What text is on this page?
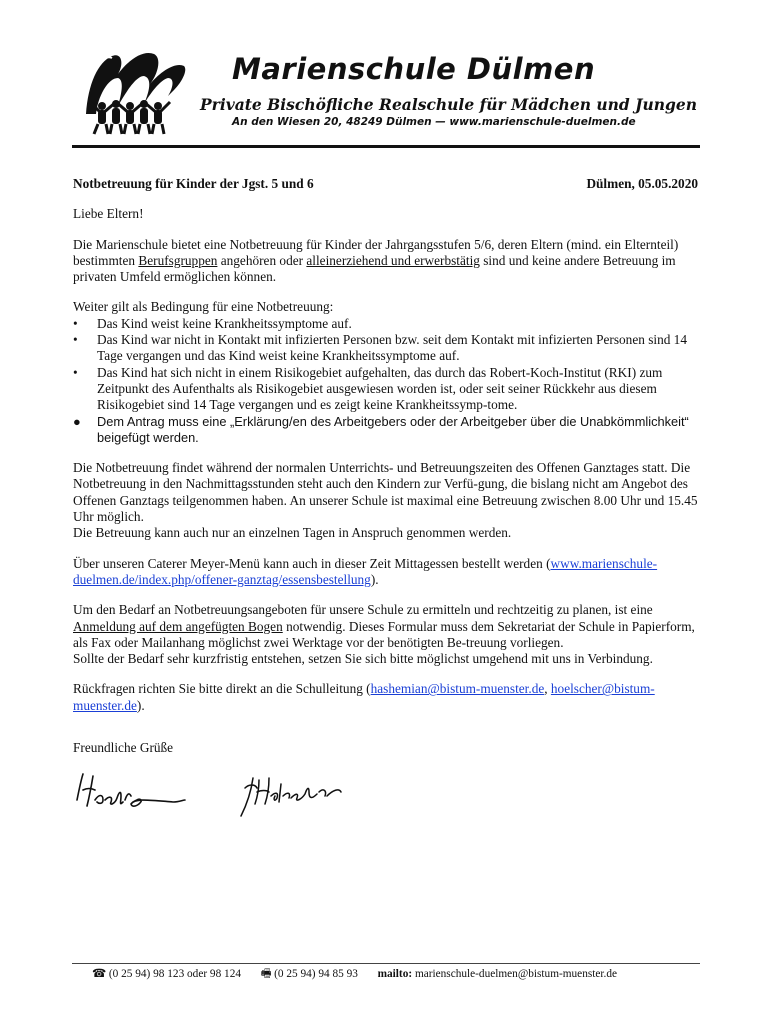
Marienschule Dülmen
Private Bischöfliche Realschule für Mädchen und Jungen
An den Wiesen 20, 48249 Dülmen — www.marienschule-duelmen.de
Notbetreuung für Kinder der Jgst. 5 und 6	Dülmen, 05.05.2020

Liebe Eltern!

Die Marienschule bietet eine Notbetreuung für Kinder der Jahrgangsstufen 5/6, deren Eltern (mind. ein Elternteil) bestimmten Berufsgruppen angehören oder alleinerziehend und erwerbstätig sind und keine andere Betreuung im privaten Umfeld ermöglichen können.

Weiter gilt als Bedingung für eine Notbetreuung:
• Das Kind weist keine Krankheitssymptome auf.
• Das Kind war nicht in Kontakt mit infizierten Personen bzw. seit dem Kontakt mit infizierten Personen sind 14 Tage vergangen und das Kind weist keine Krankheitssymptome auf.
• Das Kind hat sich nicht in einem Risikogebiet aufgehalten, das durch das Robert-Koch-Institut (RKI) zum Zeitpunkt des Aufenthalts als Risikogebiet ausgewiesen worden ist, oder seit seiner Rückkehr aus diesem Risikogebiet sind 14 Tage vergangen und es zeigt keine Krankheitssymp-tome.
● Dem Antrag muss eine „Erklärung/en des Arbeitgebers oder der Arbeitgeber über die Unabkömmlichkeit“ beigefügt werden.

Die Notbetreuung findet während der normalen Unterrichts- und Betreuungszeiten des Offenen Ganztages statt. Die Notbetreuung in den Nachmittagsstunden steht auch den Kindern zur Verfü-gung, die bislang nicht am Angebot des Offenen Ganztags teilgenommen haben. An unserer Schule ist maximal eine Betreuung zwischen 8.00 Uhr und 15.45 Uhr möglich.
Die Betreuung kann auch nur an einzelnen Tagen in Anspruch genommen werden.

Über unseren Caterer Meyer-Menü kann auch in dieser Zeit Mittagessen bestellt werden (www.marienschule-duelmen.de/index.php/offener-ganztag/essensbestellung).

Um den Bedarf an Notbetreuungsangeboten für unsere Schule zu ermitteln und rechtzeitig zu planen, ist eine Anmeldung auf dem angefügten Bogen notwendig. Dieses Formular muss dem Sekretariat der Schule in Papierform, als Fax oder Mailanhang möglichst zwei Werktage vor der benötigten Be-treuung vorliegen.
Sollte der Bedarf sehr kurzfristig entstehen, setzen Sie sich bitte möglichst umgehend mit uns in Verbindung.

Rückfragen richten Sie bitte direkt an die Schulleitung (hashemian@bistum-muenster.de, hoelscher@bistum-muenster.de).

Freundliche Grüße

☎ (0 25 94) 98 123 oder 98 124 🖷 (0 25 94) 94 85 93 mailto: marienschule-duelmen@bistum-muenster.de
